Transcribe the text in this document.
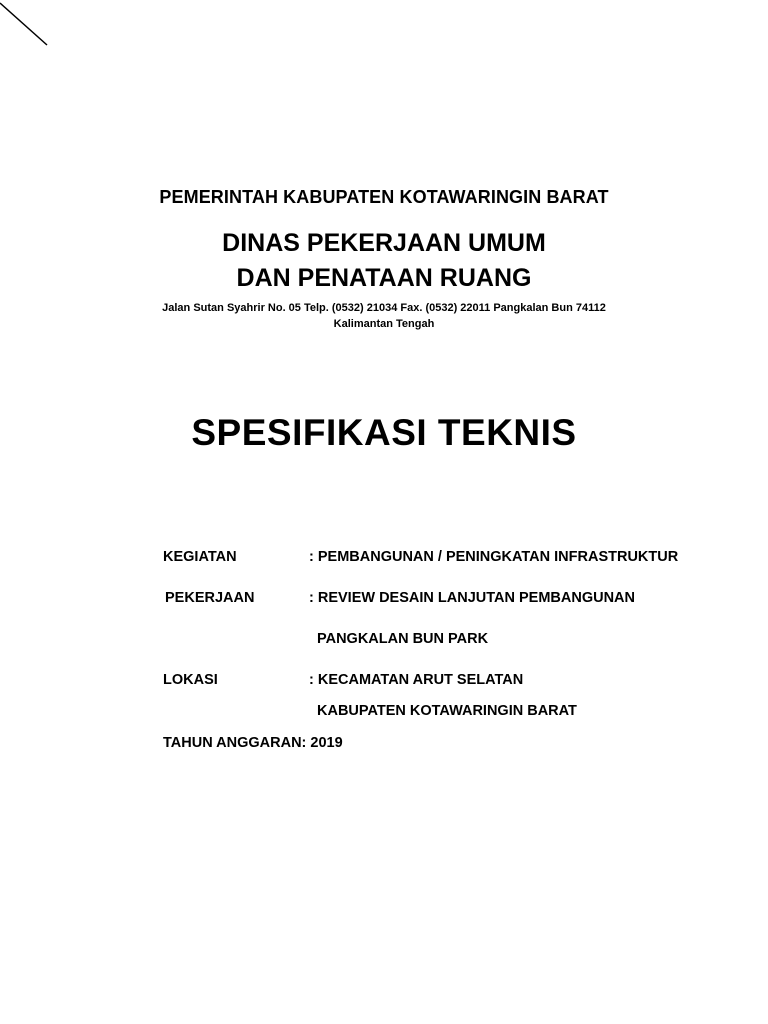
PEMERINTAH KABUPATEN KOTAWARINGIN BARAT
DINAS PEKERJAAN UMUM
DAN PENATAAN RUANG
Jalan Sutan Syahrir No. 05 Telp. (0532) 21034 Fax. (0532) 22011 Pangkalan Bun 74112
Kalimantan Tengah
SPESIFIKASI TEKNIS
KEGIATAN	: PEMBANGUNAN / PENINGKATAN INFRASTRUKTUR
PEKERJAAN	: REVIEW DESAIN LANJUTAN PEMBANGUNAN
PANGKALAN BUN PARK
LOKASI	: KECAMATAN ARUT SELATAN
KABUPATEN KOTAWARINGIN BARAT
TAHUN ANGGARAN: 2019
